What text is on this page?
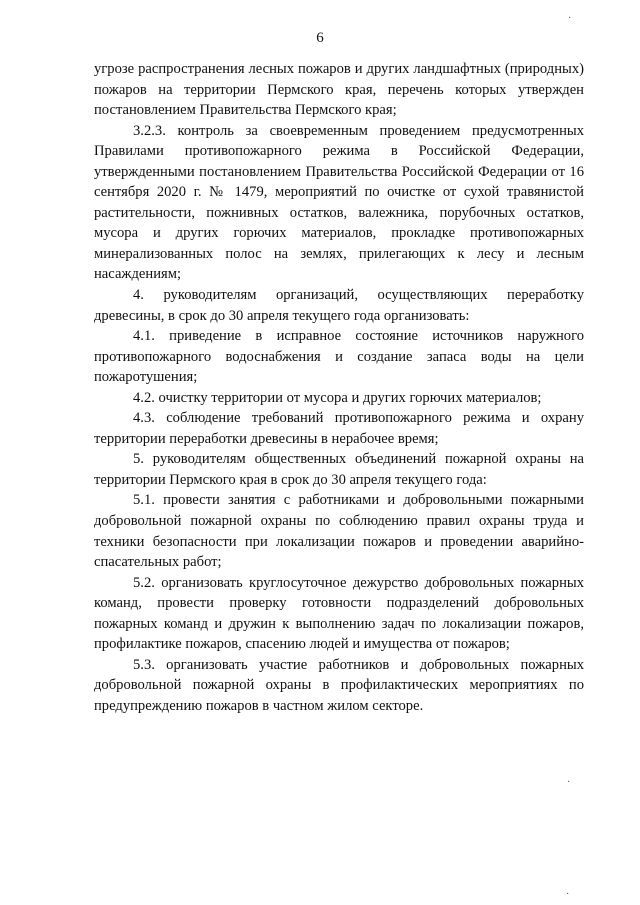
6

угрозе распространения лесных пожаров и других ландшафтных (природных) пожаров на территории Пермского края, перечень которых утвержден постановлением Правительства Пермского края;

3.2.3. контроль за своевременным проведением предусмотренных Правилами противопожарного режима в Российской Федерации, утвержденными постановлением Правительства Российской Федерации от 16 сентября 2020 г. № 1479, мероприятий по очистке от сухой травянистой растительности, пожнивных остатков, валежника, порубочных остатков, мусора и других горючих материалов, прокладке противопожарных минерализованных полос на землях, прилегающих к лесу и лесным насаждениям;

4. руководителям организаций, осуществляющих переработку древесины, в срок до 30 апреля текущего года организовать:

4.1. приведение в исправное состояние источников наружного противопожарного водоснабжения и создание запаса воды на цели пожаротушения;

4.2. очистку территории от мусора и других горючих материалов;

4.3. соблюдение требований противопожарного режима и охрану территории переработки древесины в нерабочее время;

5. руководителям общественных объединений пожарной охраны на территории Пермского края в срок до 30 апреля текущего года:

5.1. провести занятия с работниками и добровольными пожарными добровольной пожарной охраны по соблюдению правил охраны труда и техники безопасности при локализации пожаров и проведении аварийно-спасательных работ;

5.2. организовать круглосуточное дежурство добровольных пожарных команд, провести проверку готовности подразделений добровольных пожарных команд и дружин к выполнению задач по локализации пожаров, профилактике пожаров, спасению людей и имущества от пожаров;

5.3. организовать участие работников и добровольных пожарных добровольной пожарной охраны в профилактических мероприятиях по предупреждению пожаров в частном жилом секторе.

·
·
·
